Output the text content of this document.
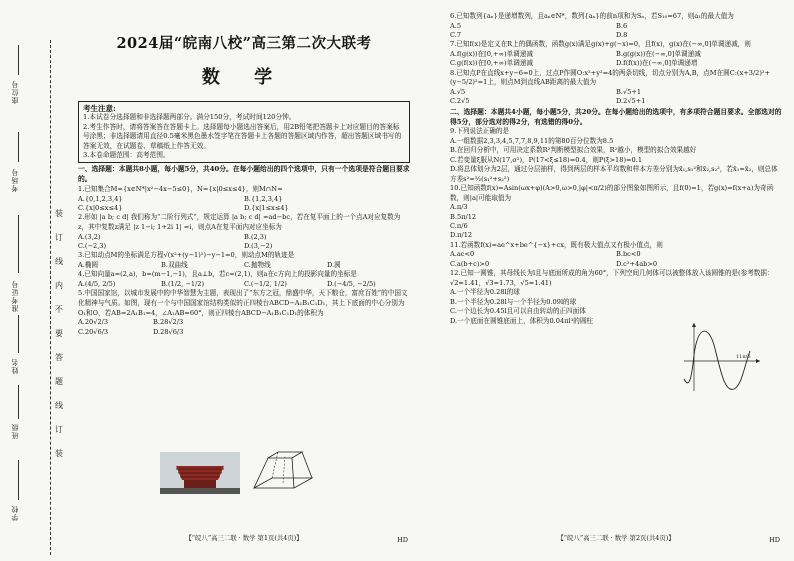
座位号
考场号
准考证号
姓名
班级
学校
装
订
线
内
不
要
答
题
线
订
装
2024届“皖南八校”高三第二次大联考
数 学
考生注意:
1.本试卷分选择题和非选择题两部分。满分150分，考试时间120分钟。
2.考生作答时，请将答案答在答题卡上。选择题每小题选出答案后，用2B铅笔把答题卡上对应题目的答案标号涂黑；非选择题请用直径0.5毫米黑色墨水签字笔在答题卡上各题的答题区域内作答，超出答题区域书写的答案无效，在试题卷、草稿纸上作答无效。
3.本卷命题范围：高考范围。

一、选择题：本题共8小题，每小题5分，共40分。在每小题给出的四个选项中，只有一个选项是符合题目要求的。

1.已知集合M={x∈N*|x²−4x−5≤0}，N={x|0≤x≤4}，则M∩N=

A.{0,1,2,3,4}	B.{1,2,3,4}
C.{x|0≤x≤4}	D.{x|1≤x≤4}

2.形如 |a b; c d| 我们称为“二阶行列式”，规定运算 |a b; c d| =ad−bc，若在复平面上的一个点A对应复数为z，其中复数z满足 |z 1−i; 1+2i 1| =i，则点A在复平面内对应坐标为

A.(3,2)	B.(2,3)
C.(−2,3)	D.(3,−2)

3.已知动点M的坐标满足方程√(x²+(y−1)²)−y−1=0，则动点M的轨迹是

A.椭圆	B.双曲线	C.抛物线	D.圆

4.已知向量a=(2,a)，b=(m−1,−1)，且a⊥b，若c=(2,1)，则a在c方向上的投影向量的坐标是

A.(4/5, 2/5)	B.(1/2, −1/2)	C.(−1/2, 1/2)	D.(−4/5, −2/5)

5.中国国家馆，以城市发展中的中华智慧为主题，表现出了“东方之冠，鼎盛中华，天下粮仓，富庶百姓”的中国文化精神与气质。如图，现有一个与中国国家馆结构类似的正四棱台ABCD−A₁B₁C₁D₁，其上下底面的中心分别为O₁和O，若AB=2A₁B₁=4，∠A₁AB=60°，则正四棱台ABCD−A₁B₁C₁D₁的体积为

A.20√2/3	B.28√2/3
C.20√6/3	D.28√6/3
【“皖八”高三二联 · 数学 第1页(共4页)】	HD

6.已知数列{aₙ}是递增数列，且aₙ∈N*，数列{aₙ}的前n项和为Sₙ，若S₁₀=67，则a₁的最大值为

A.5	B.6
C.7	D.8

7.已知f(x)是定义在R上的偶函数，函数g(x)满足g(x)+g(−x)=0，且f(x)，g(x)在(−∞,0]单调递减，则

A.f(g(x))在[0,+∞)单调递减	B.g(g(x))在(−∞,0]单调递减
C.g(f(x))在[0,+∞)单调递减	D.f(f(x))在(−∞,0]单调递增

8.已知点P在直线x+y−6=0上，过点P作圆O:x²+y²=4的两条切线，切点分别为A,B，点M在圆C:(x+3/2)²+(y−5/2)²=1上，则点M到直线AB距离的最大值为

A.√5	B.√5+1
C.2√5	D.2√5+1

二、选择题：本题共4小题，每小题5分，共20分。在每小题给出的选项中，有多项符合题目要求。全部选对的得5分，部分选对的得2分，有选错的得0分。

9.下列说法正确的是

A.一组数据2,3,3,4,5,7,7,8,9,11的第80百分位数为8.5
B.在回归分析中，可用决定系数R²判断模型拟合效果，R²越小，模型的拟合效果越好
C.若变量ξ服从N(17,σ²)，P(17<ξ≤18)=0.4，则P(ξ>18)=0.1
D.将总体划分为2层，通过分层抽样，得到两层的样本平均数和样本方差分别为x̄₁,s₁²和x̄₂,s₂²，若x̄₁=x̄₂，则总体方差s²=½(s₁²+s₂²)

10.已知函数f(x)=Asin(ωx+φ)(A>0,ω>0,|φ|<π/2)的部分图象如图所示，且f(0)=1，若g(x)=f(x+a)为奇函数，则|a|可能取值为

A.π/3
B.5π/12
C.π/6
D.π/12

11.若函数f(x)=ae^x+be^{−x}+cx，既有极大值点又有极小值点，则

A.ac<0	B.bc<0
C.a(b+c)>0	D.c²+4ab>0

12.已知一圆锥，其母线长为l且与底面所成的角为60°，下列空间几何体可以被整体放入该圆锥的是(参考数据：√2≈1.41，√3≈1.73，√5≈1.41)

A.一个半径为0.28l的球
B.一个半径为0.28l与一个半径为0.09l的球
C.一个边长为0.45l且可以自由转动的正四面体
D.一个底面在圆锥底面上，体积为0.04πl³的圆柱
【“皖八”高三二联 · 数学 第2页(共4页)】	HD
11π/6
